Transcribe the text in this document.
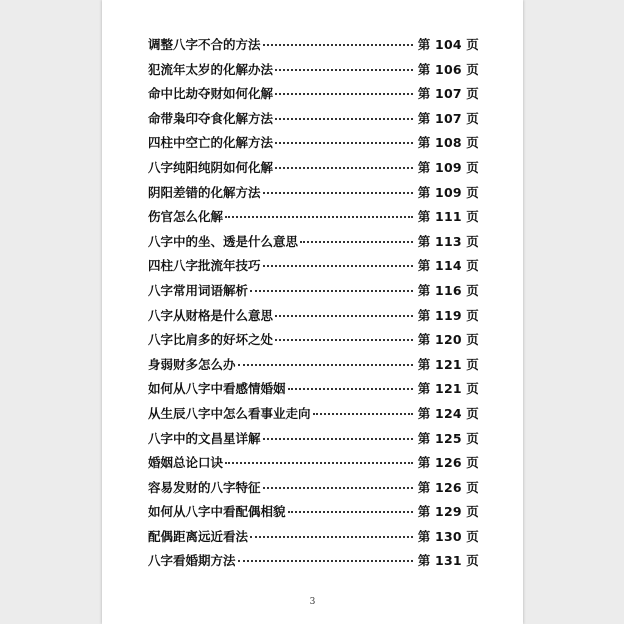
调整八字不合的方法	第 104 页
犯流年太岁的化解办法	第 106 页
命中比劫夺财如何化解	第 107 页
命带枭印夺食化解方法	第 107 页
四柱中空亡的化解方法	第 108 页
八字纯阳纯阴如何化解	第 109 页
阴阳差错的化解方法	第 109 页
伤官怎么化解	第 111 页
八字中的坐、透是什么意思	第 113 页
四柱八字批流年技巧	第 114 页
八字常用词语解析	第 116 页
八字从财格是什么意思	第 119 页
八字比肩多的好坏之处	第 120 页
身弱财多怎么办	第 121 页
如何从八字中看感情婚姻	第 121 页
从生辰八字中怎么看事业走向	第 124 页
八字中的文昌星详解	第 125 页
婚姻总论口诀	第 126 页
容易发财的八字特征	第 126 页
如何从八字中看配偶相貌	第 129 页
配偶距离远近看法	第 130 页
八字看婚期方法	第 131 页
3
